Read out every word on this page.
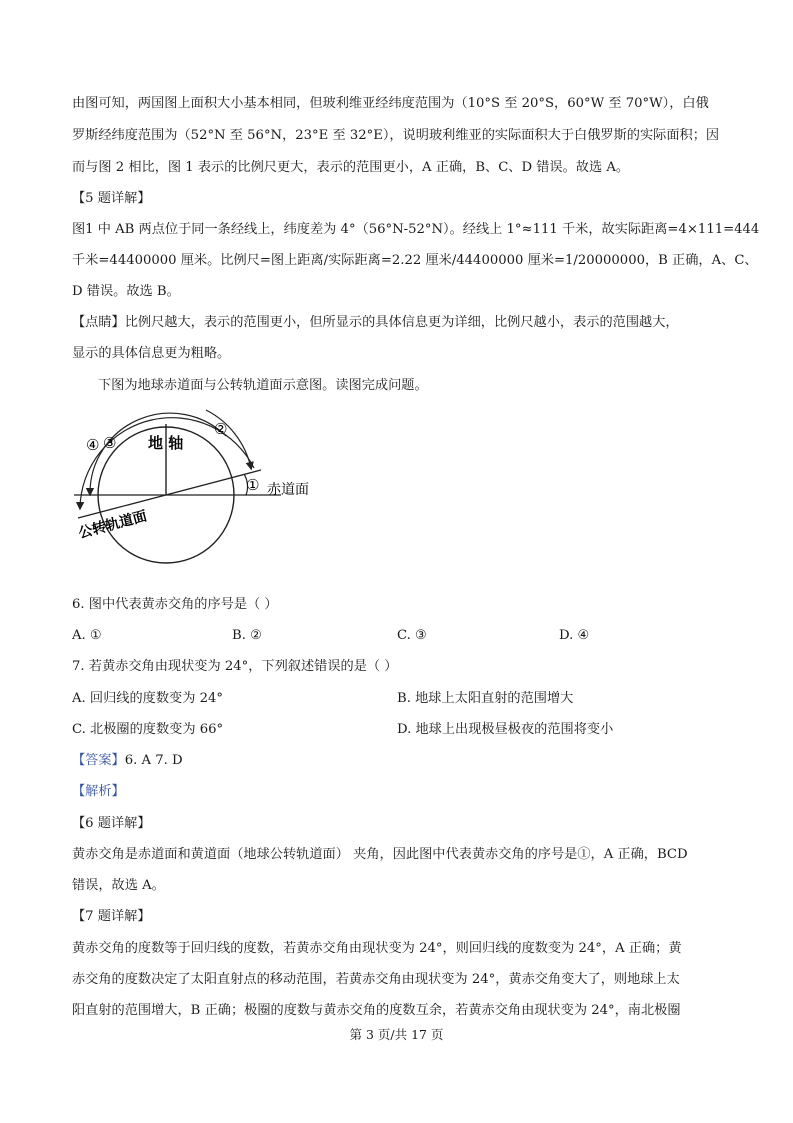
由图可知，两国图上面积大小基本相同，但玻利维亚经纬度范围为（10°S 至 20°S，60°W 至 70°W），白俄
罗斯经纬度范围为（52°N 至 56°N，23°E 至 32°E），说明玻利维亚的实际面积大于白俄罗斯的实际面积；因
而与图 2 相比，图 1 表示的比例尺更大，表示的范围更小，A 正确，B、C、D 错误。故选 A。
【5 题详解】
图1 中 AB 两点位于同一条经线上，纬度差为 4°（56°N-52°N）。经线上 1°≈111 千米，故实际距离=4×111=444
千米=44400000 厘米。比例尺=图上距离/实际距离=2.22 厘米/44400000 厘米=1/20000000，B 正确，A、C、
D 错误。故选 B。
【点睛】比例尺越大，表示的范围更小，但所显示的具体信息更为详细，比例尺越小，表示的范围越大，
显示的具体信息更为粗略。
下图为地球赤道面与公转轨道面示意图。读图完成问题。
④ ③
②
①
地 轴
赤道面
公转轨道面
6. 图中代表黄赤交角的序号是（ ）
A. ①	B. ②	C. ③	D. ④
7. 若黄赤交角由现状变为 24°，下列叙述错误的是（ ）
A. 回归线的度数变为 24°	B. 地球上太阳直射的范围增大
C. 北极圈的度数变为 66°	D. 地球上出现极昼极夜的范围将变小
【答案】6. A 7. D
【解析】
【6 题详解】
黄赤交角是赤道面和黄道面（地球公转轨道面） 夹角，因此图中代表黄赤交角的序号是①，A 正确，BCD
错误，故选 A。
【7 题详解】
黄赤交角的度数等于回归线的度数，若黄赤交角由现状变为 24°，则回归线的度数变为 24°，A 正确；黄
赤交角的度数决定了太阳直射点的移动范围，若黄赤交角由现状变为 24°，黄赤交角变大了，则地球上太
阳直射的范围增大，B 正确；极圈的度数与黄赤交角的度数互余，若黄赤交角由现状变为 24°，南北极圈
第 3 页/共 17 页
